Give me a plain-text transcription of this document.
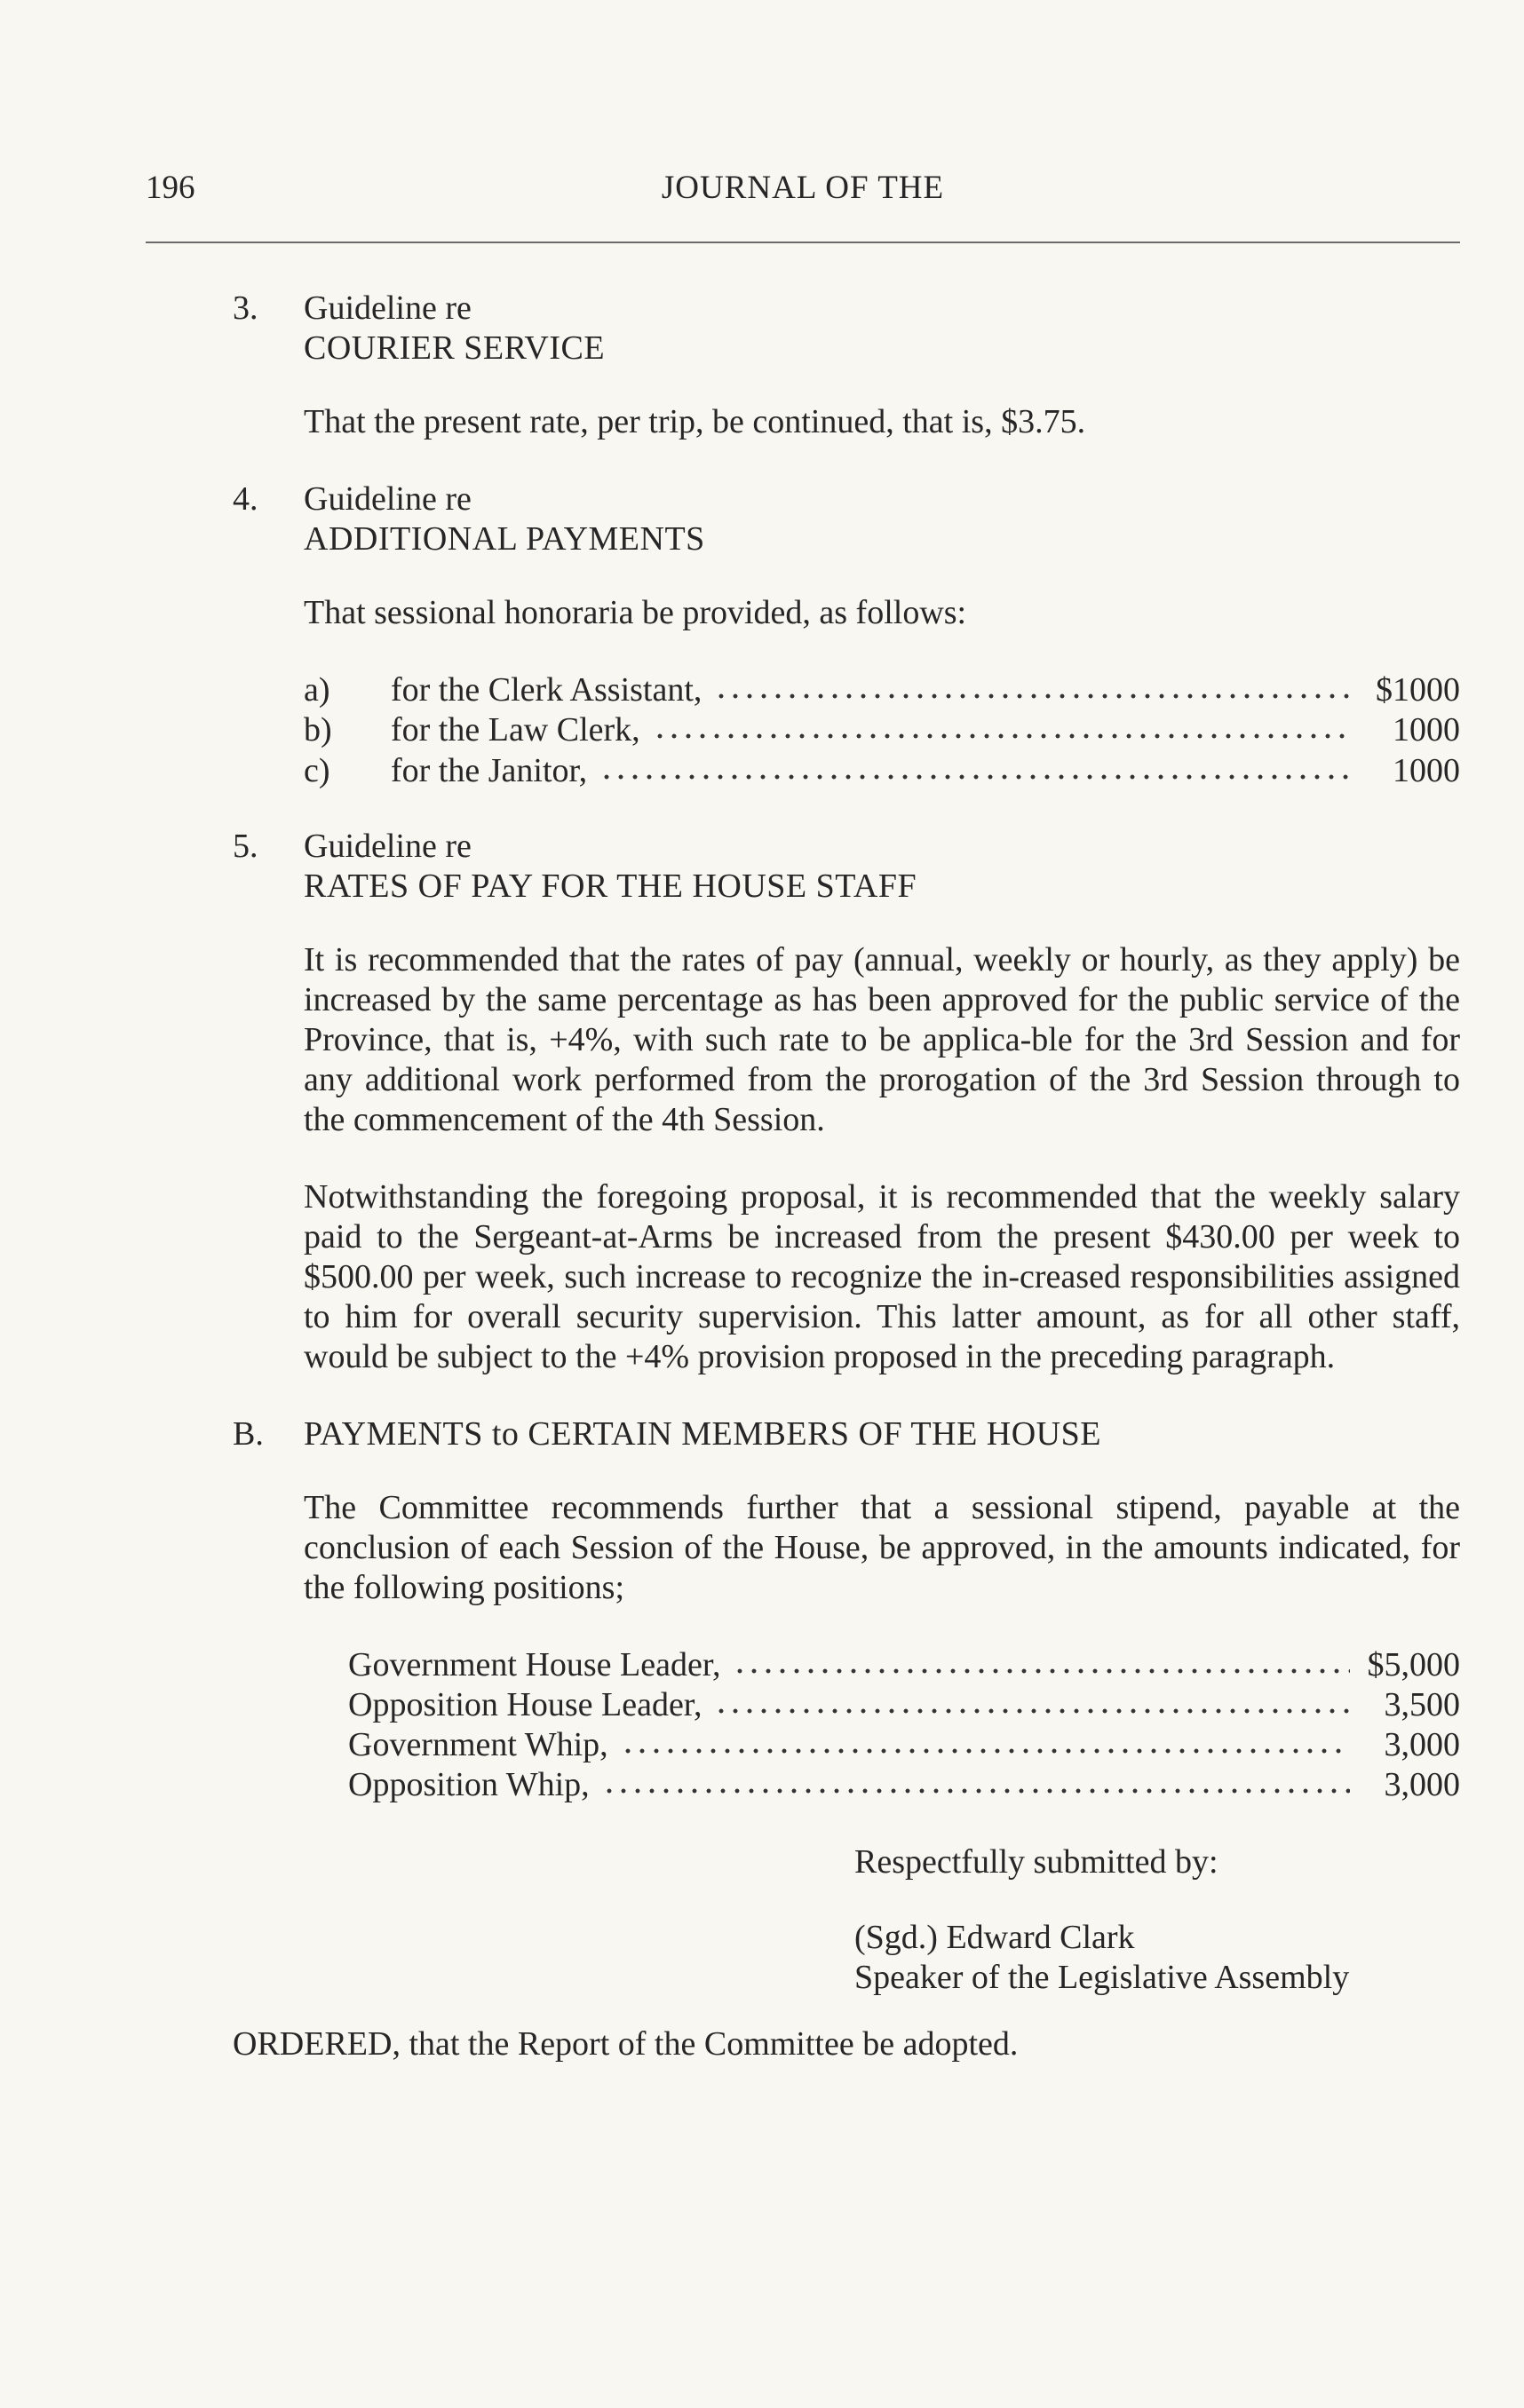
196	JOURNAL OF THE
3. Guideline re
COURIER SERVICE

That the present rate, per trip, be continued, that is, $3.75.

4. Guideline re
ADDITIONAL PAYMENTS

That sessional honoraria be provided, as follows:

a)	for the Clerk Assistant,	$1000
b)	for the Law Clerk,	1000
c)	for the Janitor,	1000
5. Guideline re
RATES OF PAY FOR THE HOUSE STAFF

It is recommended that the rates of pay (annual, weekly or hourly, as they apply) be increased by the same percentage as has been approved for the public service of the Province, that is, +4%, with such rate to be applica-ble for the 3rd Session and for any additional work performed from the prorogation of the 3rd Session through to the commencement of the 4th Session.

Notwithstanding the foregoing proposal, it is recommended that the weekly salary paid to the Sergeant-at-Arms be increased from the present $430.00 per week to $500.00 per week, such increase to recognize the in-creased responsibilities assigned to him for overall security supervision. This latter amount, as for all other staff, would be subject to the +4% provision proposed in the preceding paragraph.

B. PAYMENTS to CERTAIN MEMBERS OF THE HOUSE

The Committee recommends further that a sessional stipend, payable at the conclusion of each Session of the House, be approved, in the amounts indicated, for the following positions;

Government House Leader,	$5,000
Opposition House Leader,	3,500
Government Whip,	3,000
Opposition Whip,	3,000

Respectfully submitted by:

(Sgd.) Edward Clark
Speaker of the Legislative Assembly

ORDERED, that the Report of the Committee be adopted.
